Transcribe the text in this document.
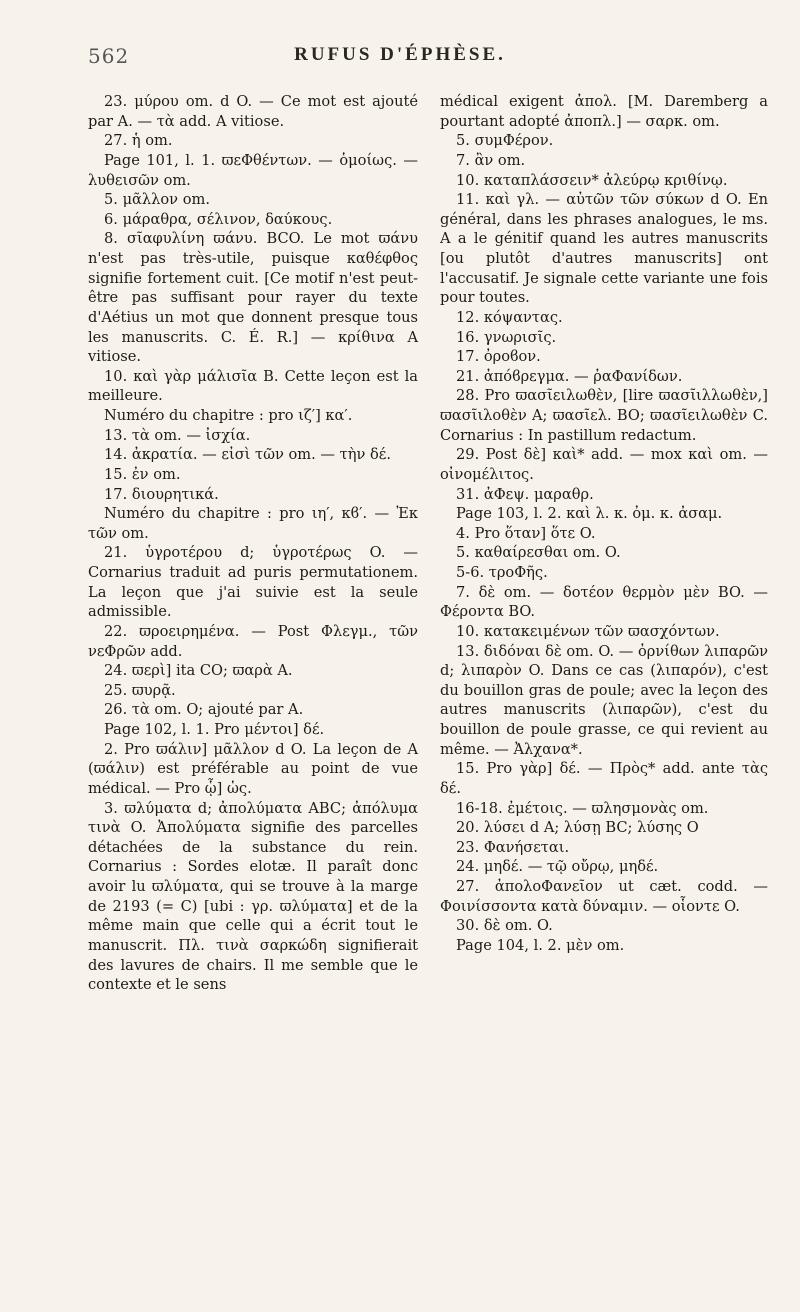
562	RUFUS D'ÉPHÈSE.

23. μύρου om. d O. — Ce mot est ajouté par A. — τὰ add. A vitiose.

27. ἡ om.

Page 101, l. 1. ϖεΦθέντων. — ὁμοίως. — λυθεισῶν om.

5. μᾶλλον om.

6. μάραθρα, σέλινον, δαύκους.

8. σῖαφυλίνη ϖάνυ. BCO. Le mot ϖάνυ n'est pas très-utile, puisque καθέφθος signifie fortement cuit. [Ce motif n'est peut-être pas suffisant pour rayer du texte d'Aétius un mot que donnent presque tous les manuscrits. C. É. R.] — κρίθινα A vitiose.

10. καὶ γὰρ μάλισῖα B. Cette leçon est la meilleure.

Numéro du chapitre : pro ιζ′] κα′.

13. τὰ om. — ἰσχία.

14. ἀκρατία. — εἰσὶ τῶν om. — τὴν δέ.

15. ἐν om.

17. διουρητικά.

Numéro du chapitre : pro ιη′, κϐ′. — Ἐκ τῶν om.

21. ὑγροτέρου d; ὑγροτέρως O. — Cornarius traduit ad puris permutationem. La leçon que j'ai suivie est la seule admissible.

22. ϖροειρημένα. — Post Φλεγμ., τῶν νεΦρῶν add.

24. ϖερὶ] ita CO; ϖαρὰ A.

25. ϖυρᾷ.

26. τὰ om. O; ajouté par A.

Page 102, l. 1. Pro μέντοι] δέ.

2. Pro ϖάλιν] μᾶλλον d O. La leçon de A (ϖάλιν) est préférable au point de vue médical. — Pro ᾧ] ὡς.

3. ϖλύματα d; ἀπολύματα ABC; ἀπόλυμα τινὰ O. Ἀπολύματα signifie des parcelles détachées de la substance du rein. Cornarius : Sordes elotæ. Il paraît donc avoir lu ϖλύματα, qui se trouve à la marge de 2193 (= C) [ubi : γρ. ϖλύματα] et de la même main que celle qui a écrit tout le manuscrit. Πλ. τινὰ σαρκώδη signifierait des lavures de chairs. Il me semble que le contexte et le sens

médical exigent ἀπολ. [M. Daremberg a pourtant adopté ἀποπλ.] — σαρκ. om.

5. συμΦέρον.

7. ἂν om.

10. καταπλάσσειν* ἀλεύρῳ κριθίνῳ.

11. καὶ γλ. — αὐτῶν τῶν σύκων d O. En général, dans les phrases analogues, le ms. A a le génitif quand les autres manuscrits [ou plutôt d'autres manuscrits] ont l'accusatif. Je signale cette variante une fois pour toutes.

12. κόψαντας.

16. γνωρισῖς.

17. ὀροϐον.

21. ἀπόϐρεγμα. — ῥαΦανίδων.

28. Pro ϖασῖειλωθὲν, [lire ϖασῖιλλωθὲν,] ϖασῖιλοθὲν A; ϖασῖελ. BO; ϖασῖειλωθὲν C. Cornarius : In pastillum redactum.

29. Post δὲ] καὶ* add. — mox καὶ om. — οἰνομέλιτος.

31. ἀΦεψ. μαραθρ.

Page 103, l. 2. καὶ λ. κ. ὀμ. κ. ἀσαμ.

4. Pro ὅταν] ὅτε O.

5. καθαίρεσθαι om. O.

5-6. τροΦῆς.

7. δὲ om. — δοτέον θερμὸν μὲν BO. — Φέροντα BO.

10. κατακειμένων τῶν ϖασχόντων.

13. διδόναι δὲ om. O. — ὀρνίθων λιπαρῶν d; λιπαρὸν O. Dans ce cas (λιπαρόν), c'est du bouillon gras de poule; avec la leçon des autres manuscrits (λιπαρῶν), c'est du bouillon de poule grasse, ce qui revient au même. — Ἀλχανα*.

15. Pro γὰρ] δέ. — Πρὸς* add. ante τὰς δέ.

16-18. ἐμέτοις. — ϖλησμονὰς om.

20. λύσει d A; λύσῃ BC; λύσης O

23. Φανήσεται.

24. μηδέ. — τῷ οὔρῳ, μηδέ.

27. ἀπολοΦανεῖον ut cæt. codd. — Φοινίσσοντα κατὰ δύναμιν. — οἷοντε O.

30. δὲ om. O.

Page 104, l. 2. μὲν om.
